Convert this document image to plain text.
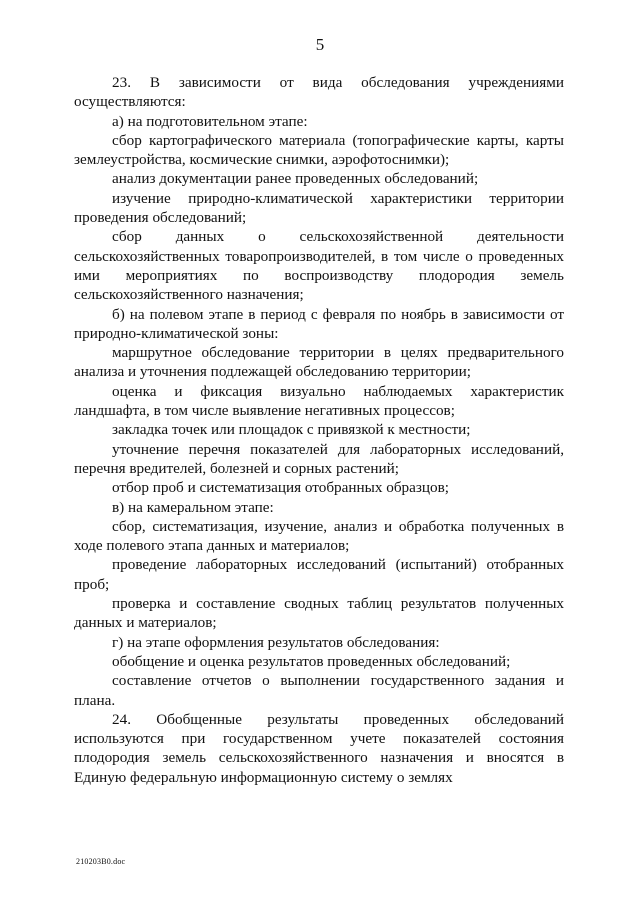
5

23. В зависимости от вида обследования учреждениями осуществляются:

а) на подготовительном этапе:

сбор картографического материала (топографические карты, карты землеустройства, космические снимки, аэрофотоснимки);

анализ документации ранее проведенных обследований;

изучение природно-климатической характеристики территории проведения обследований;

сбор данных о сельскохозяйственной деятельности сельскохозяйственных товаропроизводителей, в том числе о проведенных ими мероприятиях по воспроизводству плодородия земель сельскохозяйственного назначения;

б) на полевом этапе в период с февраля по ноябрь в зависимости от природно-климатической зоны:

маршрутное обследование территории в целях предварительного анализа и уточнения подлежащей обследованию территории;

оценка и фиксация визуально наблюдаемых характеристик ландшафта, в том числе выявление негативных процессов;

закладка точек или площадок с привязкой к местности;

уточнение перечня показателей для лабораторных исследований, перечня вредителей, болезней и сорных растений;

отбор проб и систематизация отобранных образцов;

в) на камеральном этапе:

сбор, систематизация, изучение, анализ и обработка полученных в ходе полевого этапа данных и материалов;

проведение лабораторных исследований (испытаний) отобранных проб;

проверка и составление сводных таблиц результатов полученных данных и материалов;

г) на этапе оформления результатов обследования:

обобщение и оценка результатов проведенных обследований;

составление отчетов о выполнении государственного задания и плана.

24. Обобщенные результаты проведенных обследований используются при государственном учете показателей состояния плодородия земель сельскохозяйственного назначения и вносятся в Единую федеральную информационную систему о землях

210203B0.doc
